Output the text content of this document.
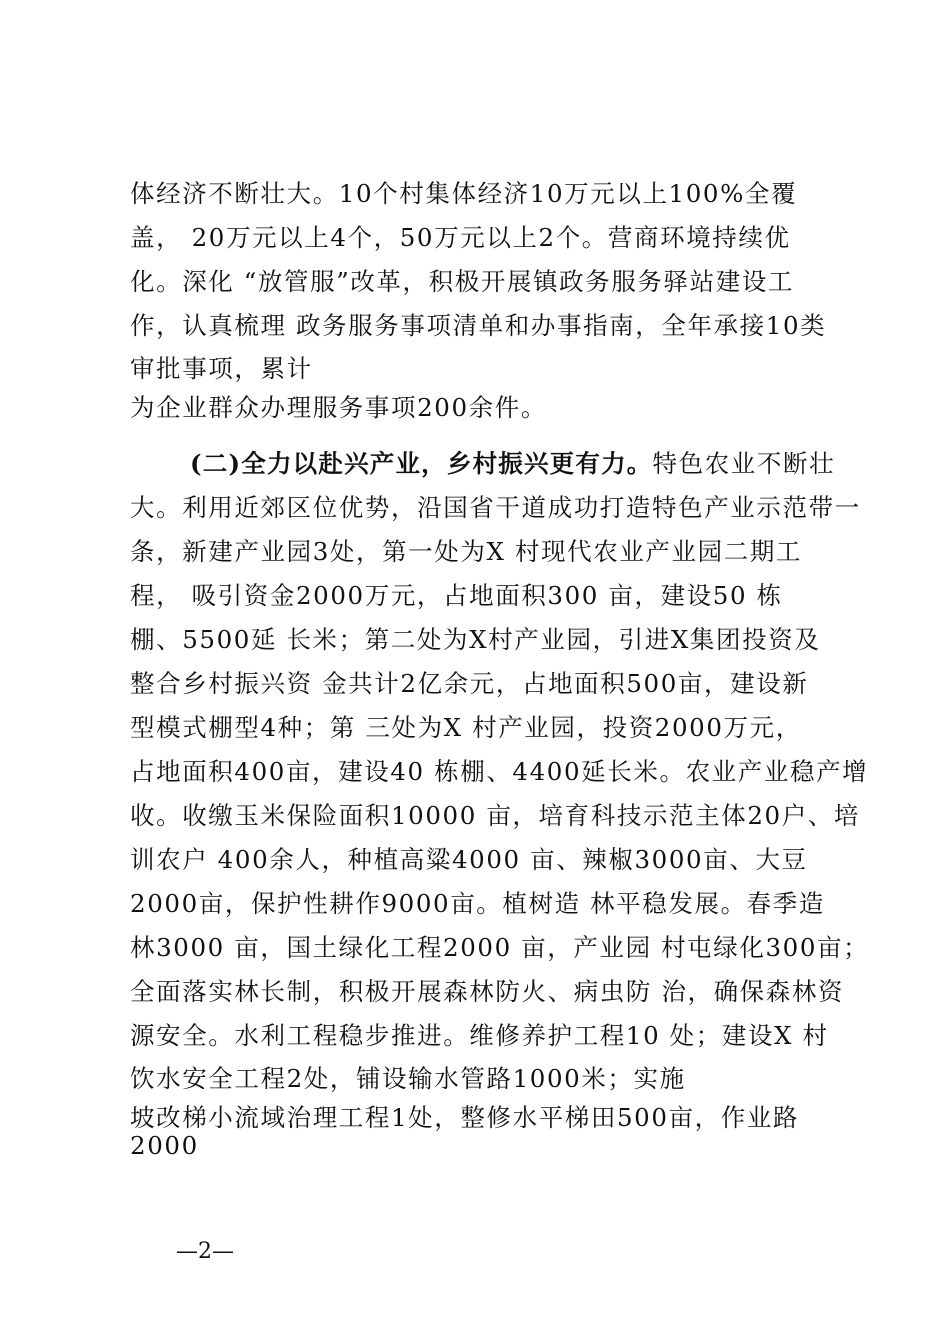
体经济不断壮大。10个村集体经济10万元以上100%全覆
盖， 20万元以上4个，50万元以上2个。营商环境持续优
化。深化 “放管服”改革，积极开展镇政务服务驿站建设工
作，认真梳理 政务服务事项清单和办事指南，全年承接10类
审批事项，累计
为企业群众办理服务事项200余件。
(二)全力以赴兴产业，乡村振兴更有力。特色农业不断壮
大。利用近郊区位优势，沿国省干道成功打造特色产业示范带一
条，新建产业园3处，第一处为X 村现代农业产业园二期工
程， 吸引资金2000万元，占地面积300 亩，建设50 栋
棚、5500延 长米；第二处为X村产业园，引进X集团投资及
整合乡村振兴资 金共计2亿余元，占地面积500亩，建设新
型模式棚型4种；第 三处为X 村产业园，投资2000万元，
占地面积400亩，建设40 栋棚、4400延长米。农业产业稳产增
收。收缴玉米保险面积10000 亩，培育科技示范主体20户、培
训农户 400余人，种植高粱4000 亩、辣椒3000亩、大豆
2000亩，保护性耕作9000亩。植树造 林平稳发展。春季造
林3000 亩，国土绿化工程2000 亩，产业园 村屯绿化300亩；
全面落实林长制，积极开展森林防火、病虫防 治，确保森林资
源安全。水利工程稳步推进。维修养护工程10 处；建设X 村
饮水安全工程2处，铺设输水管路1000米；实施
坡改梯小流域治理工程1处，整修水平梯田500亩，作业路
2000
—2—
